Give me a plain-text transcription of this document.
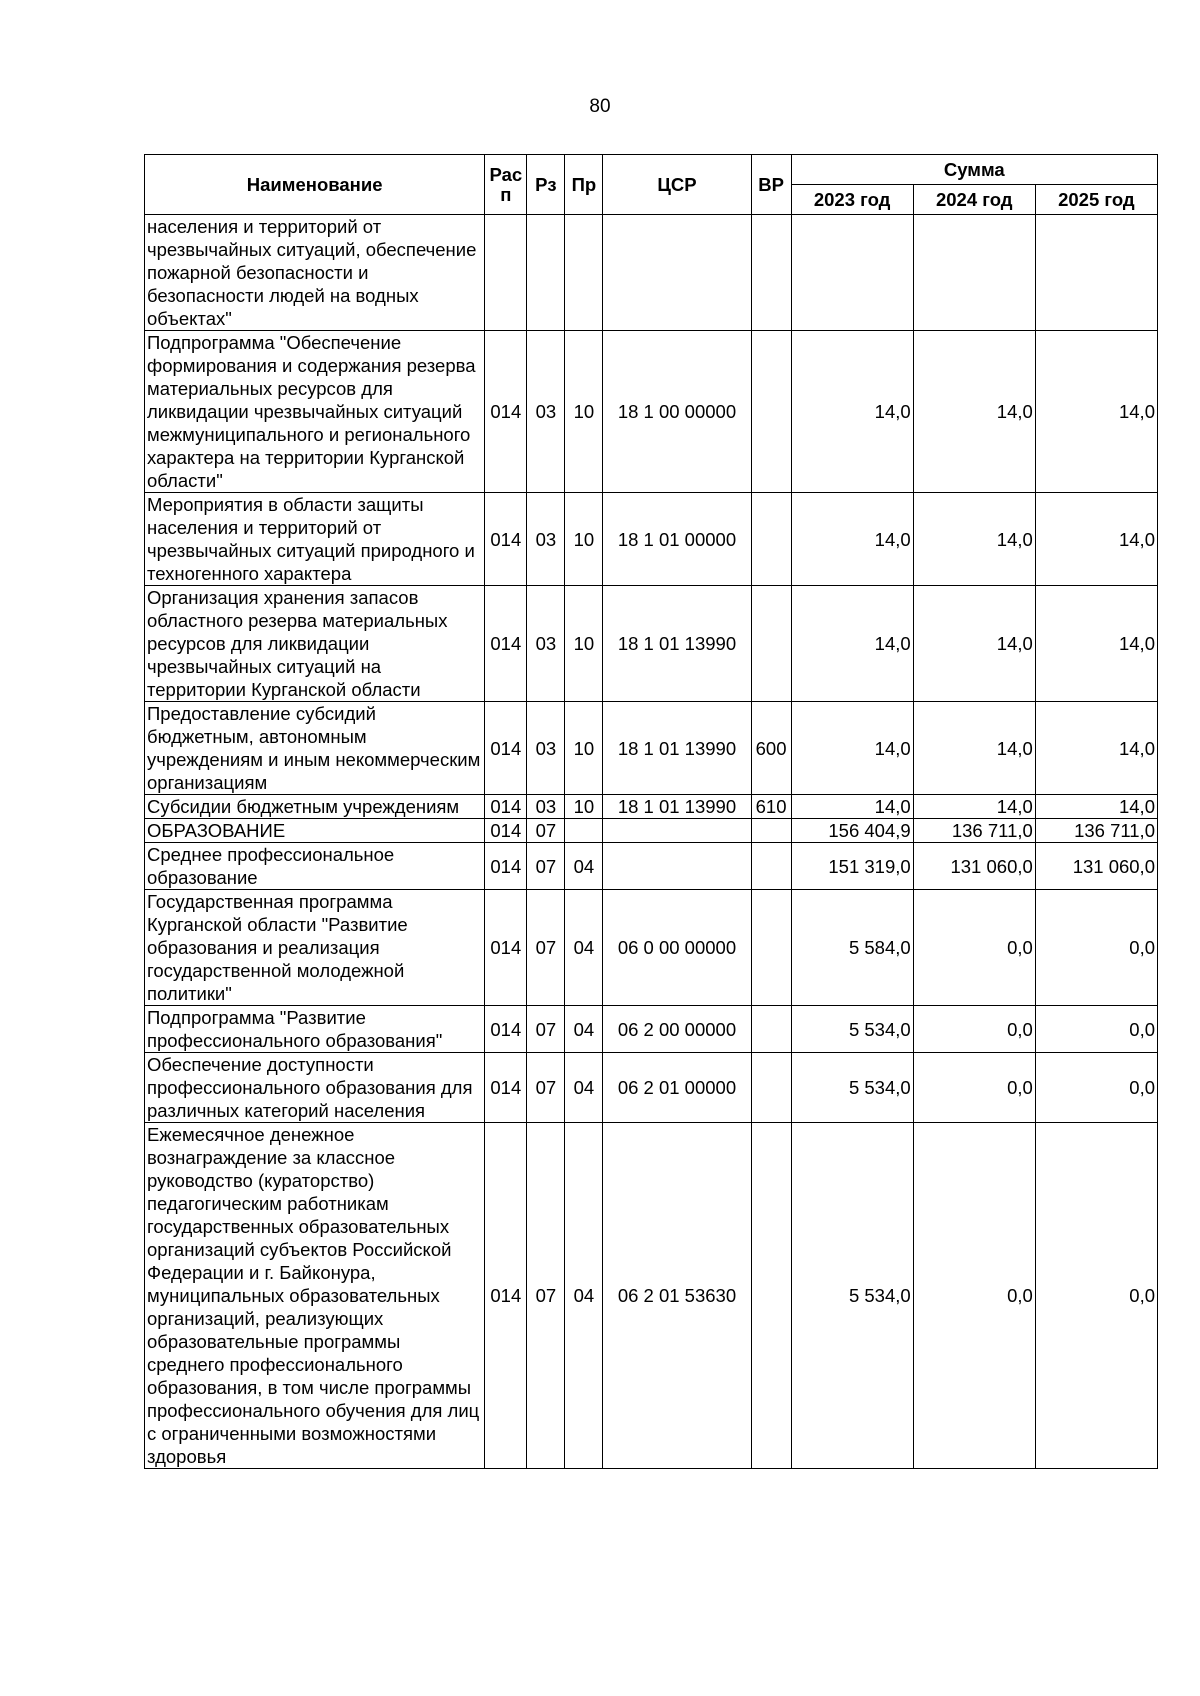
80
Наименование	Рас п	Рз	Пр	ЦСР	ВР	Сумма		
						2023 год	2024 год	2025 год
населения и территорий от чрезвычайных ситуаций, обеспечение пожарной безопасности и безопасности людей на водных объектах"								
Подпрограмма "Обеспечение формирования и содержания резерва материальных ресурсов для ликвидации чрезвычайных ситуаций межмуниципального и регионального характера на территории Курганской области"	014	03	10	18 1 00 00000		14,0	14,0	14,0
Мероприятия в области защиты населения и территорий от чрезвычайных ситуаций природного и техногенного характера	014	03	10	18 1 01 00000		14,0	14,0	14,0
Организация хранения запасов областного резерва материальных ресурсов для ликвидации чрезвычайных ситуаций на территории Курганской области	014	03	10	18 1 01 13990		14,0	14,0	14,0
Предоставление субсидий бюджетным, автономным учреждениям и иным некоммерческим организациям	014	03	10	18 1 01 13990	600	14,0	14,0	14,0
Субсидии бюджетным учреждениям	014	03	10	18 1 01 13990	610	14,0	14,0	14,0
ОБРАЗОВАНИЕ	014	07				156 404,9	136 711,0	136 711,0
Среднее профессиональное образование	014	07	04			151 319,0	131 060,0	131 060,0
Государственная программа Курганской области "Развитие образования и реализация государственной молодежной политики"	014	07	04	06 0 00 00000		5 584,0	0,0	0,0
Подпрограмма "Развитие профессионального образования"	014	07	04	06 2 00 00000		5 534,0	0,0	0,0
Обеспечение доступности профессионального образования для различных категорий населения	014	07	04	06 2 01 00000		5 534,0	0,0	0,0
Ежемесячное денежное вознаграждение за классное руководство (кураторство) педагогическим работникам государственных образовательных организаций субъектов Российской Федерации и г. Байконура, муниципальных образовательных организаций, реализующих образовательные программы среднего профессионального образования, в том числе программы профессионального обучения для лиц с ограниченными возможностями здоровья	014	07	04	06 2 01 53630		5 534,0	0,0	0,0
